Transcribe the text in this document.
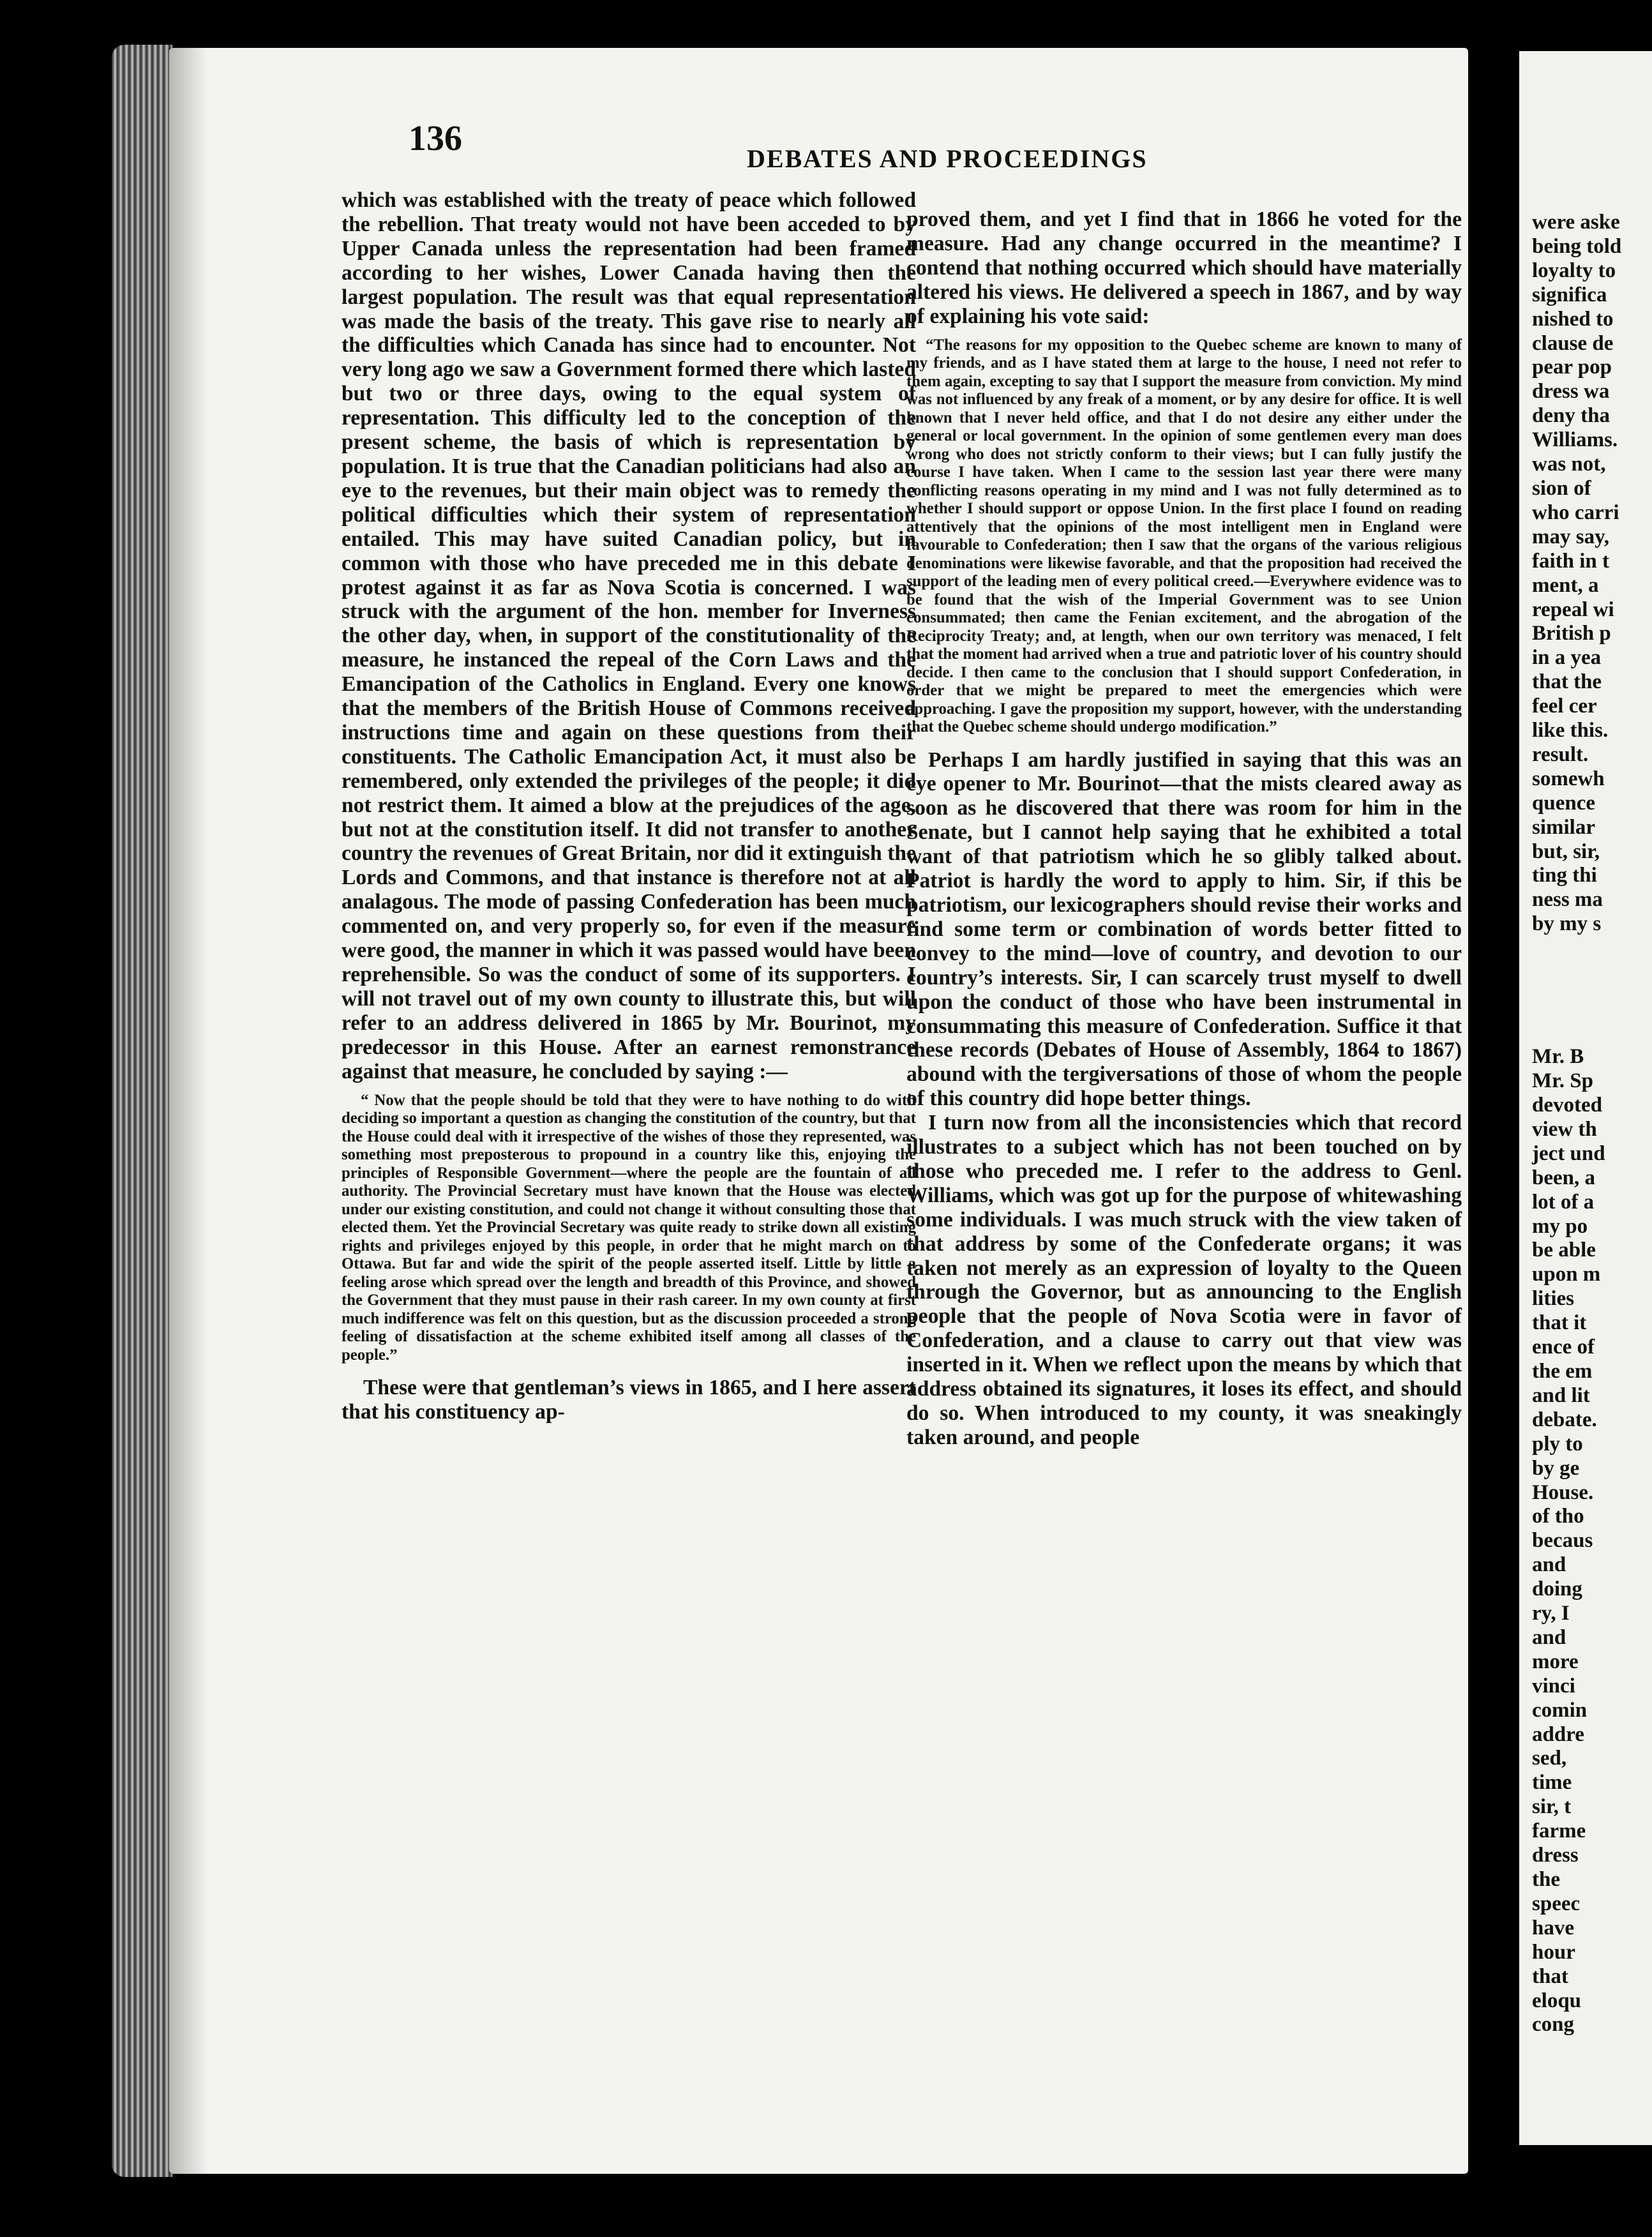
136
DEBATES AND PROCEEDINGS

which was established with the treaty of peace which followed the rebellion. That treaty would not have been acceded to by Upper Canada unless the representation had been framed according to her wishes, Lower Canada having then the largest population. The result was that equal representation was made the basis of the treaty. This gave rise to nearly all the difficulties which Canada has since had to encounter. Not very long ago we saw a Government formed there which lasted but two or three days, owing to the equal system of representation. This difficulty led to the conception of the present scheme, the basis of which is representation by population. It is true that the Canadian politicians had also an eye to the revenues, but their main object was to remedy the political difficulties which their system of representation entailed. This may have suited Canadian policy, but in common with those who have preceded me in this debate I protest against it as far as Nova Scotia is concerned. I was struck with the argument of the hon. member for Inverness the other day, when, in support of the constitutionality of the measure, he instanced the repeal of the Corn Laws and the Emancipation of the Catholics in England. Every one knows that the members of the British House of Commons received instructions time and again on these questions from their constituents. The Catholic Emancipation Act, it must also be remembered, only extended the privileges of the people; it did not restrict them. It aimed a blow at the prejudices of the age, but not at the constitution itself. It did not transfer to another country the revenues of Great Britain, nor did it extinguish the Lords and Commons, and that instance is therefore not at all analagous. The mode of passing Confederation has been much commented on, and very properly so, for even if the measure were good, the manner in which it was passed would have been reprehensible. So was the conduct of some of its supporters. I will not travel out of my own county to illustrate this, but will refer to an address delivered in 1865 by Mr. Bourinot, my predecessor in this House. After an earnest remonstrance against that measure, he concluded by saying :—

“ Now that the people should be told that they were to have nothing to do with deciding so important a question as changing the constitution of the country, but that the House could deal with it irrespective of the wishes of those they represented, was something most preposterous to propound in a country like this, enjoying the principles of Responsible Government—where the people are the fountain of all authority. The Provincial Secretary must have known that the House was elected under our existing constitution, and could not change it without consulting those that elected them. Yet the Provincial Secretary was quite ready to strike down all existing rights and privileges enjoyed by this people, in order that he might march on to Ottawa. But far and wide the spirit of the people asserted itself. Little by little a feeling arose which spread over the length and breadth of this Province, and showed the Government that they must pause in their rash career. In my own county at first much indifference was felt on this question, but as the discussion proceeded a strong feeling of dissatisfaction at the scheme exhibited itself among all classes of the people.”

These were that gentleman’s views in 1865, and I here assert that his constituency ap-

proved them, and yet I find that in 1866 he voted for the measure. Had any change occurred in the meantime? I contend that nothing occurred which should have materially altered his views. He delivered a speech in 1867, and by way of explaining his vote said:

“The reasons for my opposition to the Quebec scheme are known to many of my friends, and as I have stated them at large to the house, I need not refer to them again, excepting to say that I support the measure from conviction. My mind was not influenced by any freak of a moment, or by any desire for office. It is well known that I never held office, and that I do not desire any either under the general or local government. In the opinion of some gentlemen every man does wrong who does not strictly conform to their views; but I can fully justify the course I have taken. When I came to the session last year there were many conflicting reasons operating in my mind and I was not fully determined as to whether I should support or oppose Union. In the first place I found on reading attentively that the opinions of the most intelligent men in England were favourable to Confederation; then I saw that the organs of the various religious denominations were likewise favorable, and that the proposition had received the support of the leading men of every political creed.—Everywhere evidence was to be found that the wish of the Imperial Government was to see Union consummated; then came the Fenian excitement, and the abrogation of the Reciprocity Treaty; and, at length, when our own territory was menaced, I felt that the moment had arrived when a true and patriotic lover of his country should decide. I then came to the conclusion that I should support Confederation, in order that we might be prepared to meet the emergencies which were approaching. I gave the proposition my support, however, with the understanding that the Quebec scheme should undergo modification.”

Perhaps I am hardly justified in saying that this was an eye opener to Mr. Bourinot—that the mists cleared away as soon as he discovered that there was room for him in the Senate, but I cannot help saying that he exhibited a total want of that patriotism which he so glibly talked about. Patriot is hardly the word to apply to him. Sir, if this be patriotism, our lexicographers should revise their works and find some term or combination of words better fitted to convey to the mind—love of country, and devotion to our country’s interests. Sir, I can scarcely trust myself to dwell upon the conduct of those who have been instrumental in consummating this measure of Confederation. Suffice it that these records (Debates of House of Assembly, 1864 to 1867) abound with the tergiversations of those of whom the people of this country did hope better things.

I turn now from all the inconsistencies which that record illustrates to a subject which has not been touched on by those who preceded me. I refer to the address to Genl. Williams, which was got up for the purpose of whitewashing some individuals. I was much struck with the view taken of that address by some of the Confederate organs; it was taken not merely as an expression of loyalty to the Queen through the Governor, but as announcing to the English people that the people of Nova Scotia were in favor of Confederation, and a clause to carry out that view was inserted in it. When we reflect upon the means by which that address obtained its signatures, it loses its effect, and should do so. When introduced to my county, it was sneakingly taken around, and people

were aske

being told

loyalty to

significa

nished to

clause de

pear pop

dress wa

deny tha

Williams.

was not,

sion of

who carri

may say,

faith in t

ment, a

repeal wi

British p

in a yea

that the

feel cer

like this.

result.

somewh

quence

similar

but, sir,

ting thi

ness ma

by my s

Mr. B

Mr. Sp

devoted

view th

ject und

been, a

lot of a

my po

be able

upon m

lities

that it

ence of

the em

and lit

debate.

ply to

by ge

House.

of tho

becaus

and

doing

ry, I

and

more

vinci

comin

addre

sed,

time

sir, t

farme

dress

the

speec

have

hour

that

eloqu

cong
